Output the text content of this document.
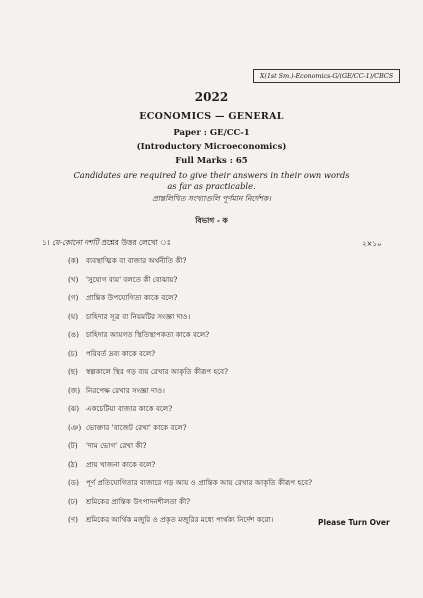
X(1st Sm.)-Economics-G/(GE/CC-1)/CBCS
2022
ECONOMICS — GENERAL
Paper : GE/CC-1
(Introductory Microeconomics)
Full Marks : 65
Candidates are required to give their answers in their own words
as far as practicable.
প্রান্তলিখিত সংখ্যাগুলি পূর্ণমান নির্দেশক।
বিভাগ - ক
১। যে-কোনো দশটি প্রশ্নের উত্তর লেখো ঃ	২×১০
(ক)	ব্যবস্থাত্মিক বা বাজার অর্থনীতি কী?
(খ)	'সুযোগ ব্যয়' বলতে কী বোঝায়?
(গ)	প্রান্তিক উপযোগিতা কাকে বলে?
(ঘ)	চাহিদার সূত্র বা নিয়মটির সংজ্ঞা দাও।
(ঙ) চাহিদার আয়গত স্থিতিস্থাপকতা কাকে বলে?
(চ)	পরিবর্ত দ্রব্য কাকে বলে?
(ছ)	স্বল্পকালে স্থির গড় ব্যয় রেখার আকৃতি কীরূপ হবে?
(জ) নিরপেক্ষ রেখার সংজ্ঞা দাও।
(ঝ) একচেটিয়া বাজার কাকে বলে?
(ঞ) ভোক্তার 'বাজেট রেখা' কাকে বলে?
(ট)	'দাম ভোগ' রেখা কী?
(ঠ)	প্রায় খাজনা কাকে বলে?
(ড) পূর্ণ প্রতিযোগিতার বাজারে গড় আয় ও প্রান্তিক আয় রেখার আকৃতি কীরূপ হবে?
(ঢ)	শ্রমিকের প্রান্তিক উৎপাদনশীলতা কী?
(ণ)	শ্রমিকের আর্থিক মজুরি ও প্রকৃত মজুরির মধ্যে পার্থক্য নির্দেশ করো।	Please Turn Over
